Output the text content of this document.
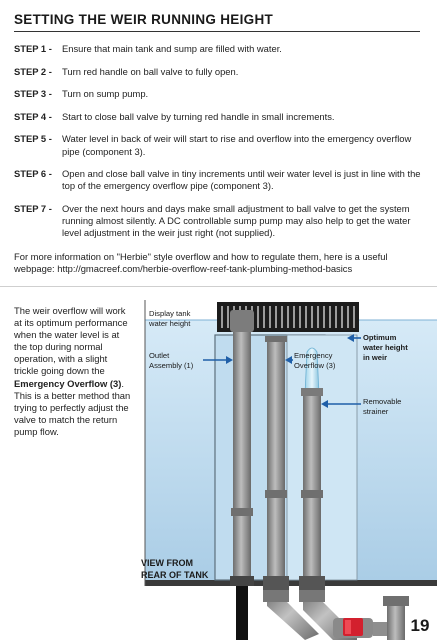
SETTING THE WEIR RUNNING HEIGHT
STEP 1 -	Ensure that main tank and sump are filled with water.
STEP 2 -	Turn red handle on ball valve to fully open.
STEP 3 -	Turn on sump pump.
STEP 4 -	Start to close ball valve by turning red handle in small increments.
STEP 5 -	Water level in back of weir will start to rise and overflow into the emergency overflow pipe (component 3).
STEP 6 -	Open and close ball valve in tiny increments until weir water level is just in line with the top of the emergency overflow pipe (component 3).
STEP 7 -	Over the next hours and days make small adjustment to ball valve to get the system running almost silently. A DC controllable sump pump may also help to get the water level adjustment in the weir just right (not supplied).
For more information on "Herbie" style overflow and how to regulate them, here is a useful webpage: http://gmacreef.com/herbie-overflow-reef-tank-plumbing-method-basics
The weir overflow will work at its optimum performance when the water level is at the top during normal operation, with a slight trickle going down the Emergency Overflow (3). This is a better method than trying to perfectly adjust the valve to match the return pump flow.
Display tank
water height
Outlet
Assembly (1)
Emergency
Overflow (3)
Optimum
water height
in weir
Removable
strainer
VIEW FROM
REAR OF TANK
19
